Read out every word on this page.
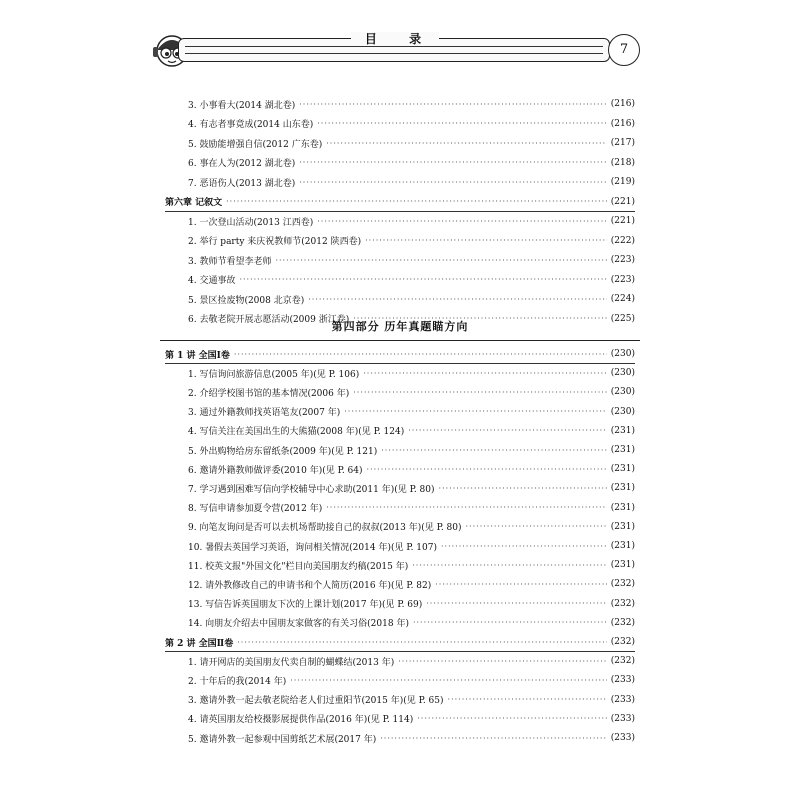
目 录
7
3. 小事看大(2014 湖北卷) ·····	(216)
4. 有志者事竟成(2014 山东卷) ·····	(216)
5. 鼓励能增强自信(2012 广东卷) ·····	(217)
6. 事在人为(2012 湖北卷) ·····	(218)
7. 恶语伤人(2013 湖北卷) ·····	(219)
第六章 记叙文 ·····	(221)
1. 一次登山活动(2013 江西卷) ·····	(221)
2. 举行 party 来庆祝教师节(2012 陕西卷) ·····	(222)
3. 教师节看望李老师 ·····	(223)
4. 交通事故 ·····	(223)
5. 景区捡废物(2008 北京卷) ·····	(224)
6. 去敬老院开展志愿活动(2009 浙江卷) ·····	(225)
第四部分 历年真题瞄方向
第 1 讲 全国Ⅰ卷 ·····	(230)
1. 写信询问旅游信息(2005 年)(见 P. 106) ·····	(230)
2. 介绍学校图书馆的基本情况(2006 年) ·····	(230)
3. 通过外籍教师找英语笔友(2007 年) ·····	(230)
4. 写信关注在美国出生的大熊猫(2008 年)(见 P. 124) ·····	(231)
5. 外出购物给房东留纸条(2009 年)(见 P. 121) ·····	(231)
6. 邀请外籍教师做评委(2010 年)(见 P. 64) ·····	(231)
7. 学习遇到困难写信向学校辅导中心求助(2011 年)(见 P. 80) ·····	(231)
8. 写信申请参加夏令营(2012 年) ·····	(231)
9. 向笔友询问是否可以去机场帮助接自己的叔叔(2013 年)(见 P. 80) ·····	(231)
10. 暑假去英国学习英语，询问相关情况(2014 年)(见 P. 107) ·····	(231)
11. 校英文报"外国文化"栏目向美国朋友约稿(2015 年) ·····	(231)
12. 请外教修改自己的申请书和个人简历(2016 年)(见 P. 82) ·····	(232)
13. 写信告诉英国朋友下次的上课计划(2017 年)(见 P. 69) ·····	(232)
14. 向朋友介绍去中国朋友家做客的有关习俗(2018 年) ·····	(232)
第 2 讲 全国Ⅱ卷 ·····	(232)
1. 请开网店的美国朋友代卖自制的蝴蝶结(2013 年) ·····	(232)
2. 十年后的我(2014 年) ·····	(233)
3. 邀请外教一起去敬老院给老人们过重阳节(2015 年)(见 P. 65) ·····	(233)
4. 请英国朋友给校摄影展提供作品(2016 年)(见 P. 114) ·····	(233)
5. 邀请外教一起参观中国剪纸艺术展(2017 年) ·····	(233)
